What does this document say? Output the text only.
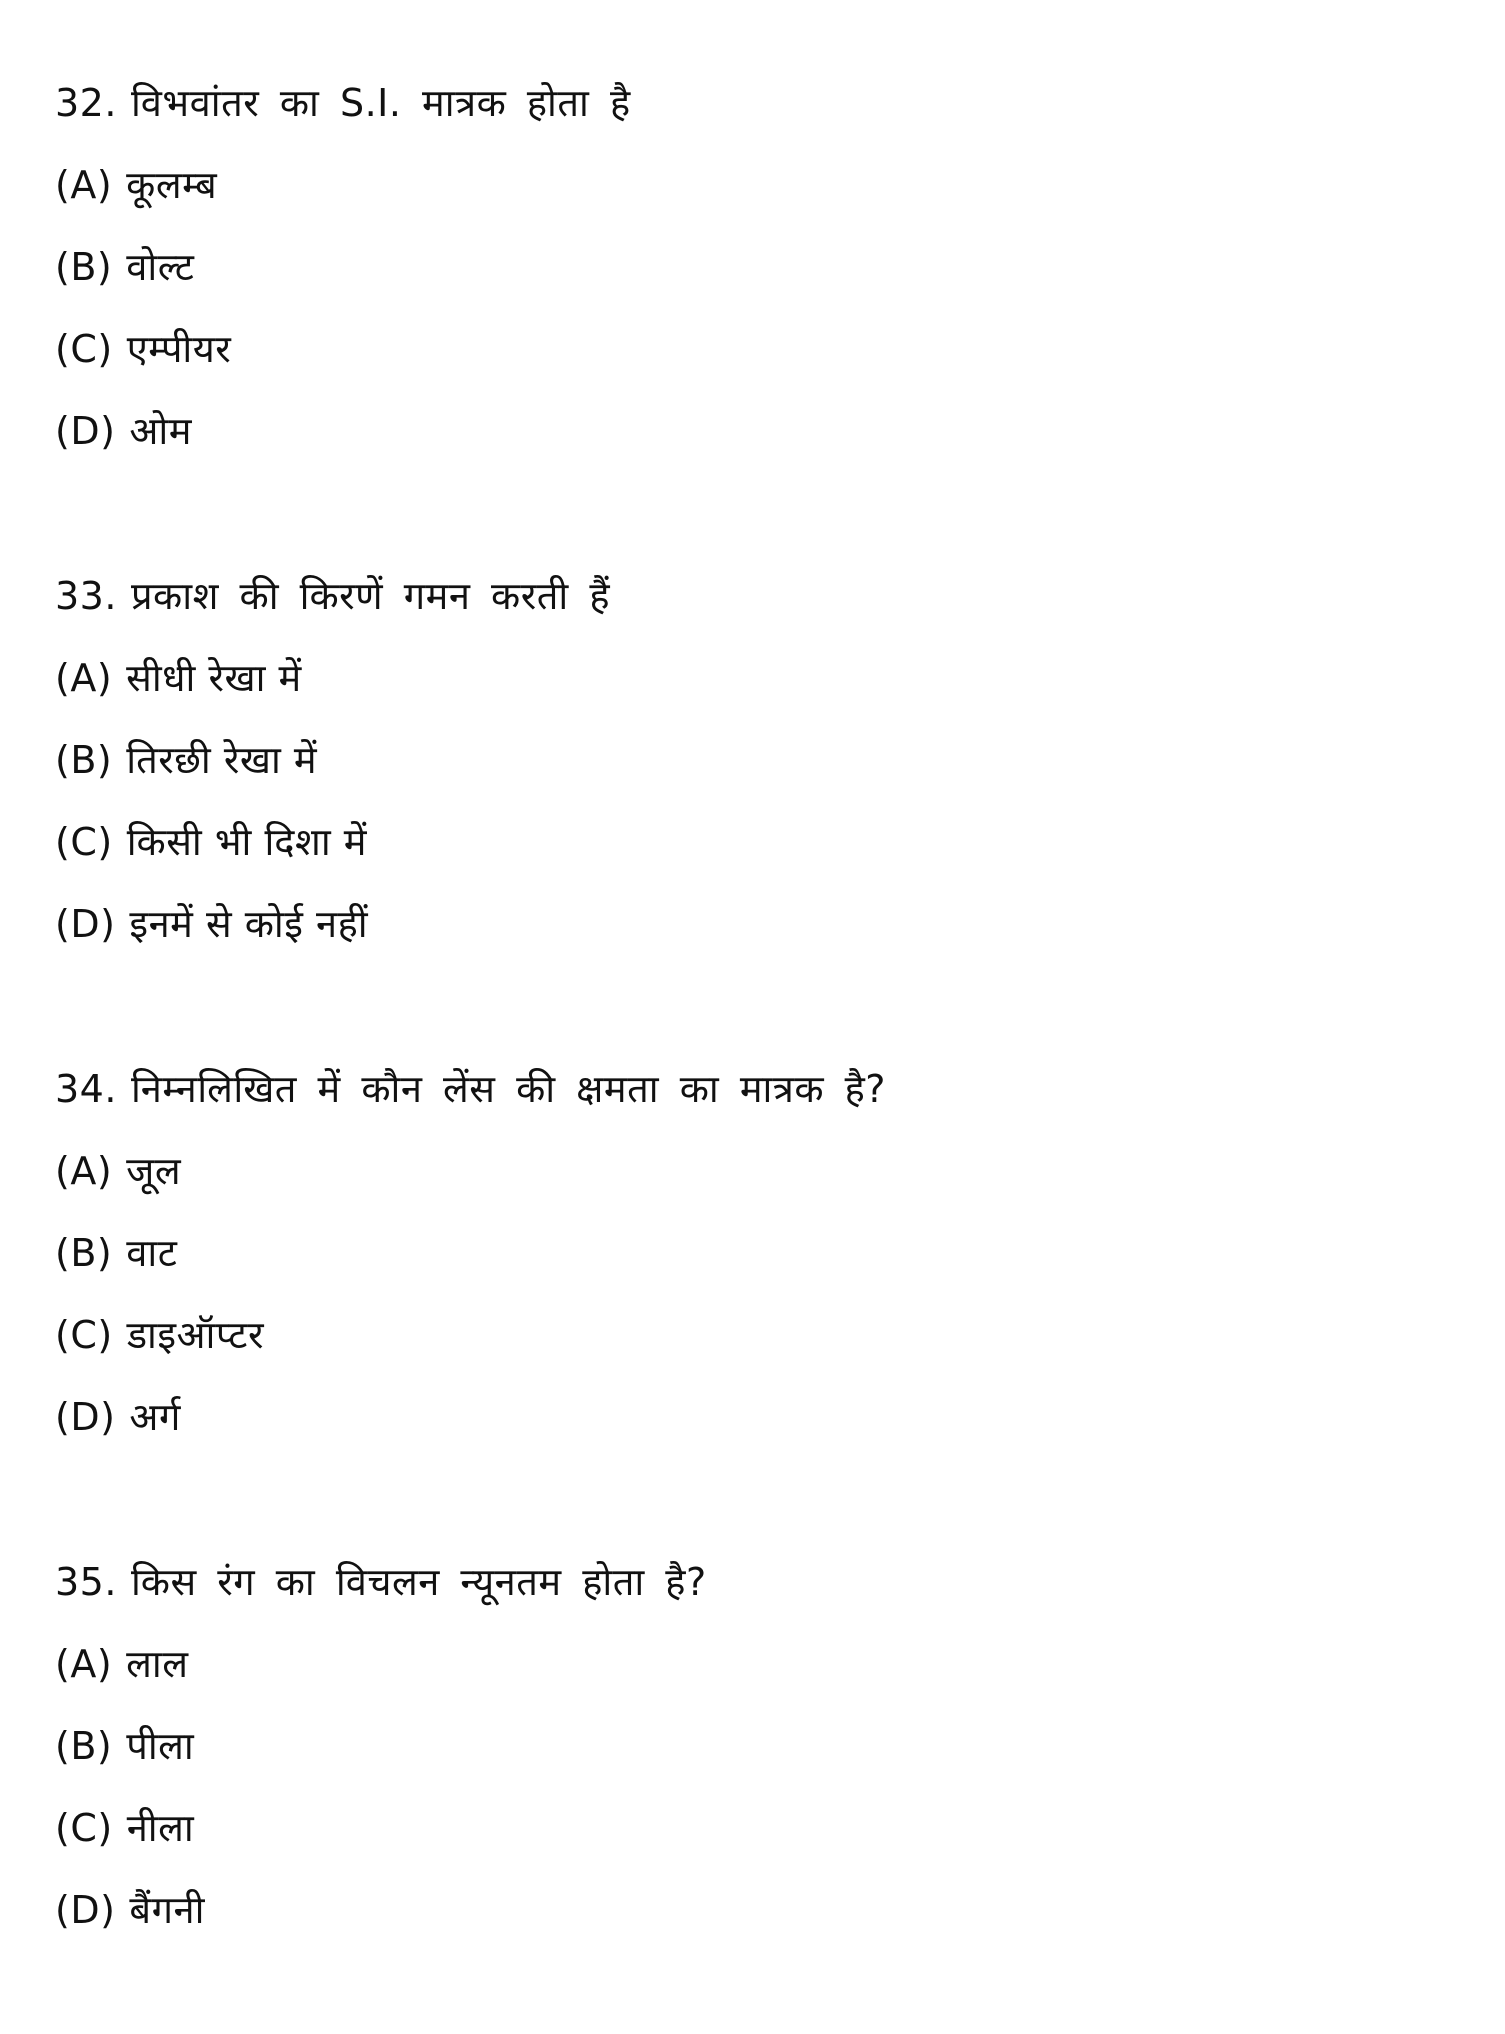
32. विभवांतर का S.I. मात्रक होता है
(A) कूलम्ब
(B) वोल्ट
(C) एम्पीयर
(D) ओम
33. प्रकाश की किरणें गमन करती हैं
(A) सीधी रेखा में
(B) तिरछी रेखा में
(C) किसी भी दिशा में
(D) इनमें से कोई नहीं
34. निम्नलिखित में कौन लेंस की क्षमता का मात्रक है?
(A) जूल
(B) वाट
(C) डाइऑप्टर
(D) अर्ग
35. किस रंग का विचलन न्यूनतम होता है?
(A) लाल
(B) पीला
(C) नीला
(D) बैंगनी
